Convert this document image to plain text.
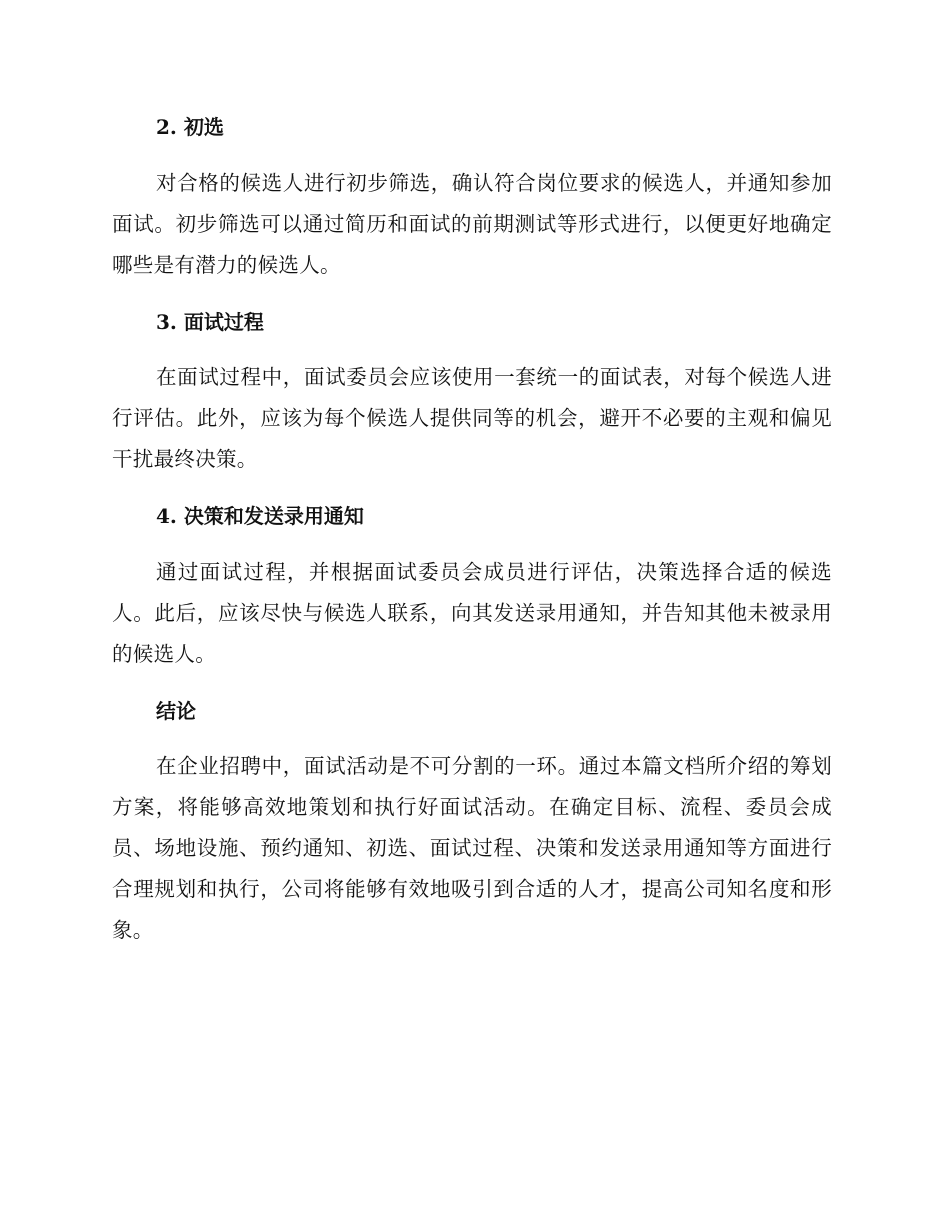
2. 初选
对合格的候选人进行初步筛选，确认符合岗位要求的候选人，并通知参加面试。初步筛选可以通过简历和面试的前期测试等形式进行，以便更好地确定哪些是有潜力的候选人。
3. 面试过程
在面试过程中，面试委员会应该使用一套统一的面试表，对每个候选人进行评估。此外，应该为每个候选人提供同等的机会，避开不必要的主观和偏见干扰最终决策。
4. 决策和发送录用通知
通过面试过程，并根据面试委员会成员进行评估，决策选择合适的候选人。此后，应该尽快与候选人联系，向其发送录用通知，并告知其他未被录用的候选人。
结论
在企业招聘中，面试活动是不可分割的一环。通过本篇文档所介绍的筹划方案，将能够高效地策划和执行好面试活动。在确定目标、流程、委员会成员、场地设施、预约通知、初选、面试过程、决策和发送录用通知等方面进行合理规划和执行，公司将能够有效地吸引到合适的人才，提高公司知名度和形象。
